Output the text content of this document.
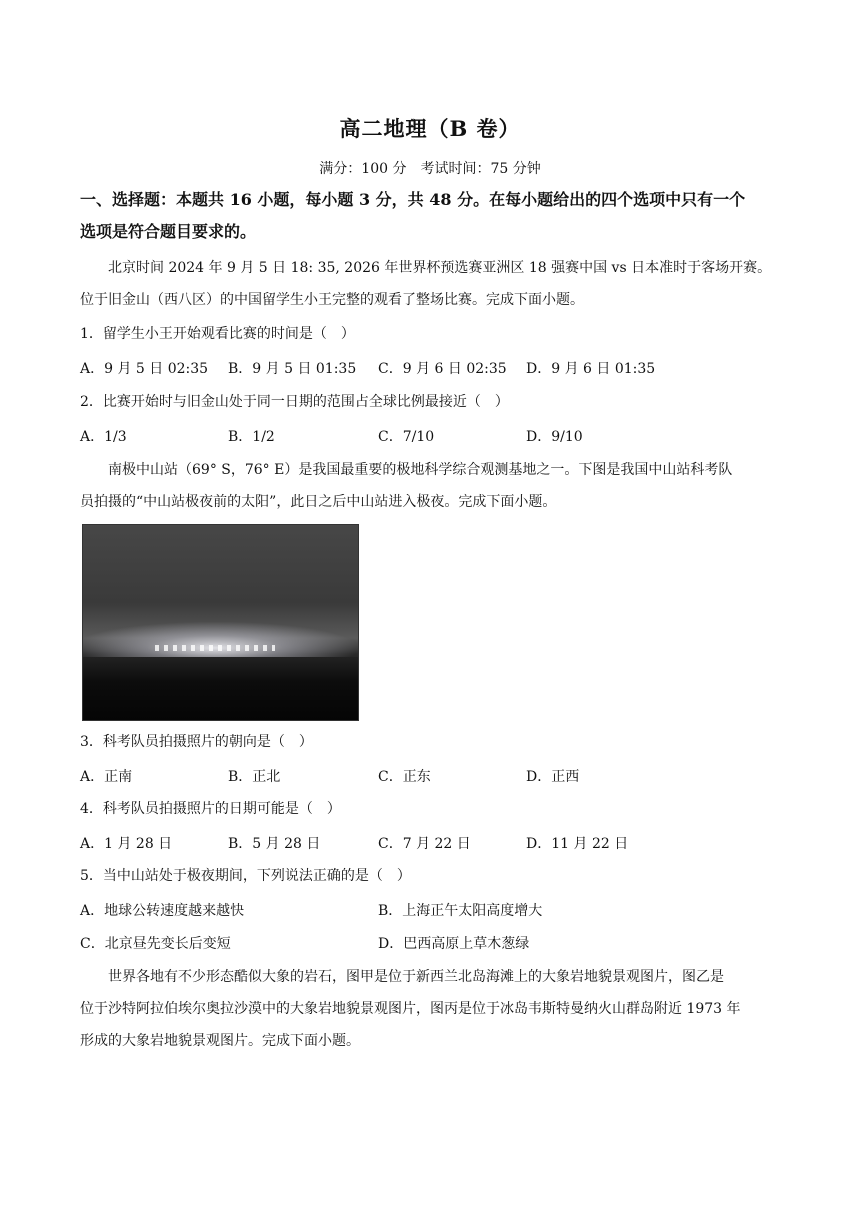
高二地理（B 卷）
满分：100 分　考试时间：75 分钟
一、选择题：本题共 16 小题，每小题 3 分，共 48 分。在每小题给出的四个选项中只有一个
选项是符合题目要求的。

北京时间 2024 年 9 月 5 日 18: 35, 2026 年世界杯预选赛亚洲区 18 强赛中国 vs 日本准时于客场开赛。

位于旧金山（西八区）的中国留学生小王完整的观看了整场比赛。完成下面小题。

1．留学生小王开始观看比赛的时间是（　）
A．9 月 5 日 02:35 B．9 月 5 日 01:35 C．9 月 6 日 02:35 D．9 月 6 日 01:35
2．比赛开始时与旧金山处于同一日期的范围占全球比例最接近（　）
A．1/3	B．1/2	C．7/10	D．9/10

南极中山站（69° S，76° E）是我国最重要的极地科学综合观测基地之一。下图是我国中山站科考队

员拍摄的“中山站极夜前的太阳”，此日之后中山站进入极夜。完成下面小题。

3．科考队员拍摄照片的朝向是（　）
A．正南	B．正北	C．正东	D．正西
4．科考队员拍摄照片的日期可能是（　）
A．1 月 28 日	B．5 月 28 日	C．7 月 22 日	D．11 月 22 日
5．当中山站处于极夜期间，下列说法正确的是（　）
A．地球公转速度越来越快	B．上海正午太阳高度增大
C．北京昼先变长后变短	D．巴西高原上草木葱绿

世界各地有不少形态酷似大象的岩石，图甲是位于新西兰北岛海滩上的大象岩地貌景观图片，图乙是

位于沙特阿拉伯埃尔奥拉沙漠中的大象岩地貌景观图片，图丙是位于冰岛韦斯特曼纳火山群岛附近 1973 年

形成的大象岩地貌景观图片。完成下面小题。
